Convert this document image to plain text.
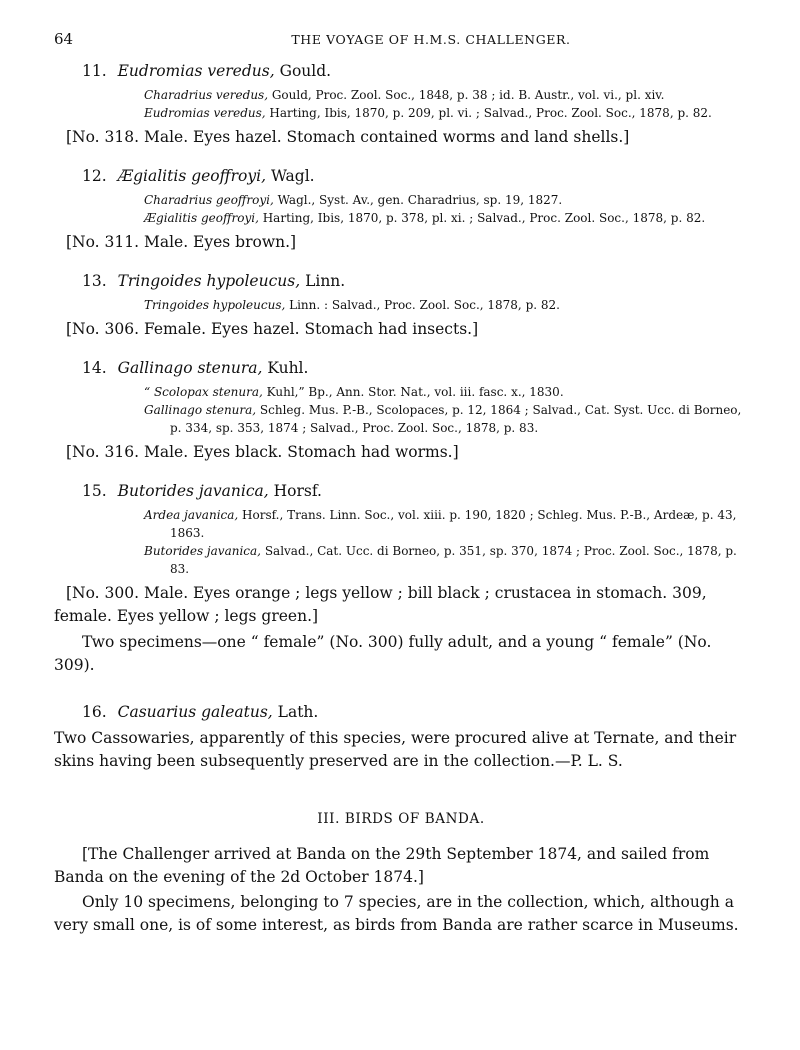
64	THE VOYAGE OF H.M.S. CHALLENGER.
11. Eudromias veredus, Gould.
Charadrius veredus, Gould, Proc. Zool. Soc., 1848, p. 38 ; id. B. Austr., vol. vi., pl. xiv.
Eudromias veredus, Harting, Ibis, 1870, p. 209, pl. vi. ; Salvad., Proc. Zool. Soc., 1878, p. 82.
[No. 318. Male. Eyes hazel. Stomach contained worms and land shells.]
12. Ægialitis geoffroyi, Wagl.
Charadrius geoffroyi, Wagl., Syst. Av., gen. Charadrius, sp. 19, 1827.
Ægialitis geoffroyi, Harting, Ibis, 1870, p. 378, pl. xi. ; Salvad., Proc. Zool. Soc., 1878, p. 82.
[No. 311. Male. Eyes brown.]
13. Tringoides hypoleucus, Linn.
Tringoides hypoleucus, Linn. : Salvad., Proc. Zool. Soc., 1878, p. 82.
[No. 306. Female. Eyes hazel. Stomach had insects.]
14. Gallinago stenura, Kuhl.
“ Scolopax stenura, Kuhl,” Bp., Ann. Stor. Nat., vol. iii. fasc. x., 1830.
Gallinago stenura, Schleg. Mus. P.-B., Scolopaces, p. 12, 1864 ; Salvad., Cat. Syst. Ucc. di Borneo, p. 334, sp. 353, 1874 ; Salvad., Proc. Zool. Soc., 1878, p. 83.
[No. 316. Male. Eyes black. Stomach had worms.]
15. Butorides javanica, Horsf.
Ardea javanica, Horsf., Trans. Linn. Soc., vol. xiii. p. 190, 1820 ; Schleg. Mus. P.-B., Ardeæ, p. 43, 1863.
Butorides javanica, Salvad., Cat. Ucc. di Borneo, p. 351, sp. 370, 1874 ; Proc. Zool. Soc., 1878, p. 83.
[No. 300. Male. Eyes orange ; legs yellow ; bill black ; crustacea in stomach. 309, female. Eyes yellow ; legs green.]
Two specimens—one “ female” (No. 300) fully adult, and a young “ female” (No. 309).
16. Casuarius galeatus, Lath.
Two Cassowaries, apparently of this species, were procured alive at Ternate, and their skins having been subsequently preserved are in the collection.—P. L. S.
III. BIRDS OF BANDA.
[The Challenger arrived at Banda on the 29th September 1874, and sailed from Banda on the evening of the 2d October 1874.]
Only 10 specimens, belonging to 7 species, are in the collection, which, although a very small one, is of some interest, as birds from Banda are rather scarce in Museums.
